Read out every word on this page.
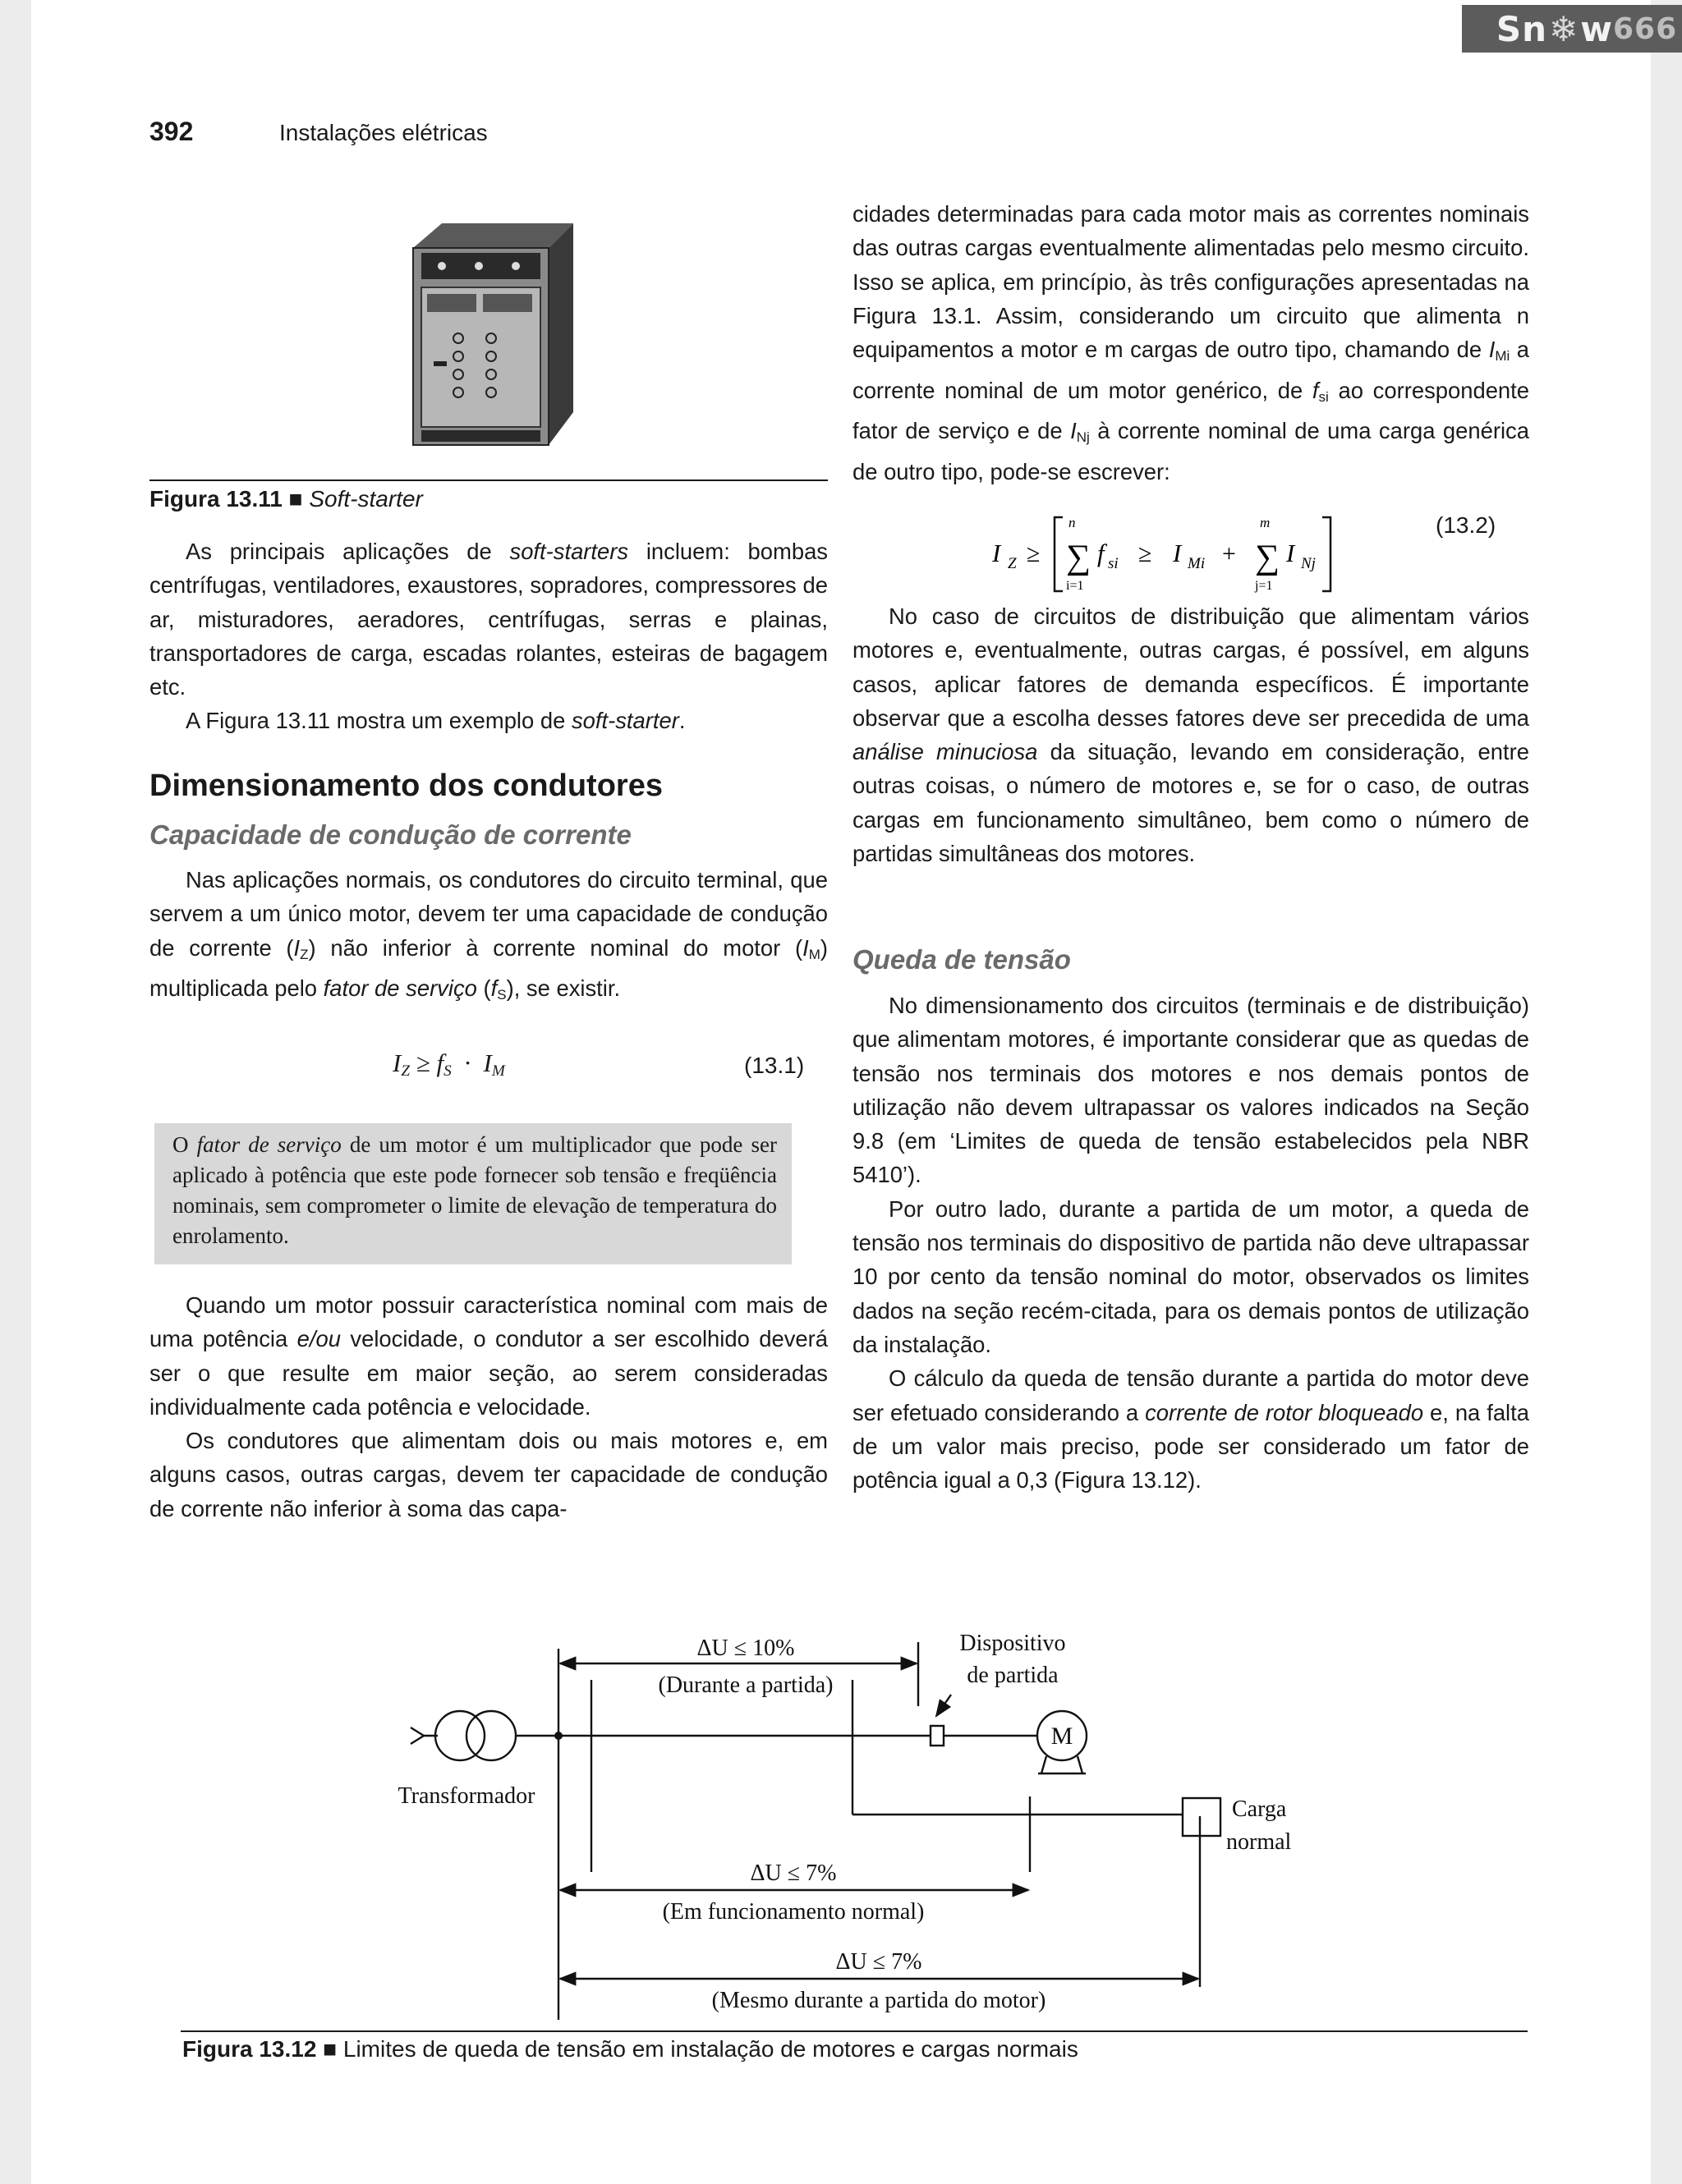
Sn ❄ w 666
392	Instalações elétricas
Figura 13.11 ■ Soft-starter

As principais aplicações de soft-starters incluem: bombas centrífugas, ventiladores, exaustores, sopradores, compressores de ar, misturadores, aeradores, centrífugas, serras e plainas, transportadores de carga, escadas rolantes, esteiras de bagagem etc.

A Figura 13.11 mostra um exemplo de soft-starter.

Dimensionamento dos condutores
Capacidade de condução de corrente

Nas aplicações normais, os condutores do circuito terminal, que servem a um único motor, devem ter uma capacidade de condução de corrente $(I_Z)$ não inferior à corrente nominal do motor $(I_M)$ multiplicada pelo fator de serviço $(f_S)$, se existir.

$I_Z \ge f_S \cdot I_M$	(13.1)
O fator de serviço de um motor é um multiplicador que pode ser aplicado à potência que este pode fornecer sob tensão e freqüência nominais, sem comprometer o limite de elevação de temperatura do enrolamento.

Quando um motor possuir característica nominal com mais de uma potência e/ou velocidade, o condutor a ser escolhido deverá ser o que resulte em maior seção, ao serem consideradas individualmente cada potência e velocidade.

Os condutores que alimentam dois ou mais motores e, em alguns casos, outras cargas, devem ter capacidade de condução de corrente não inferior à soma das capa-

cidades determinadas para cada motor mais as correntes nominais das outras cargas eventualmente alimentadas pelo mesmo circuito. Isso se aplica, em princípio, às três configurações apresentadas na Figura 13.1. Assim, considerando um circuito que alimenta n equipamentos a motor e m cargas de outro tipo, chamando de $I_{Mi}$ a corrente nominal de um motor genérico, de $f_{si}$ ao correspondente fator de serviço e de $I_{Nj}$ à corrente nominal de uma carga genérica de outro tipo, pode-se escrever:

I Z ≥
n
∑
i=1
f si ≥ I Mi +
m
∑
j=1
I Nj
(13.2)

No caso de circuitos de distribuição que alimentam vários motores e, eventualmente, outras cargas, é possível, em alguns casos, aplicar fatores de demanda específicos. É importante observar que a escolha desses fatores deve ser precedida de uma análise minuciosa da situação, levando em consideração, entre outras coisas, o número de motores e, se for o caso, de outras cargas em funcionamento simultâneo, bem como o número de partidas simultâneas dos motores.

Queda de tensão

No dimensionamento dos circuitos (terminais e de distribuição) que alimentam motores, é importante considerar que as quedas de tensão nos terminais dos motores e nos demais pontos de utilização não devem ultrapassar os valores indicados na Seção 9.8 (em ‘Limites de queda de tensão estabelecidos pela NBR 5410’).

Por outro lado, durante a partida de um motor, a queda de tensão nos terminais do dispositivo de partida não deve ultrapassar 10 por cento da tensão nominal do motor, observados os limites dados na seção recém-citada, para os demais pontos de utilização da instalação.

O cálculo da queda de tensão durante a partida do motor deve ser efetuado considerando a corrente de rotor bloqueado e, na falta de um valor mais preciso, pode ser considerado um fator de potência igual a 0,3 (Figura 13.12).

ΔU ≤ 10%
(Durante a partida)
ΔU ≤ 7%
(Em funcionamento normal)
ΔU ≤ 7%
(Mesmo durante a partida do motor)
Transformador
Dispositivo
de partida
M
Carga
normal
Figura 13.12 ■ Limites de queda de tensão em instalação de motores e cargas normais
